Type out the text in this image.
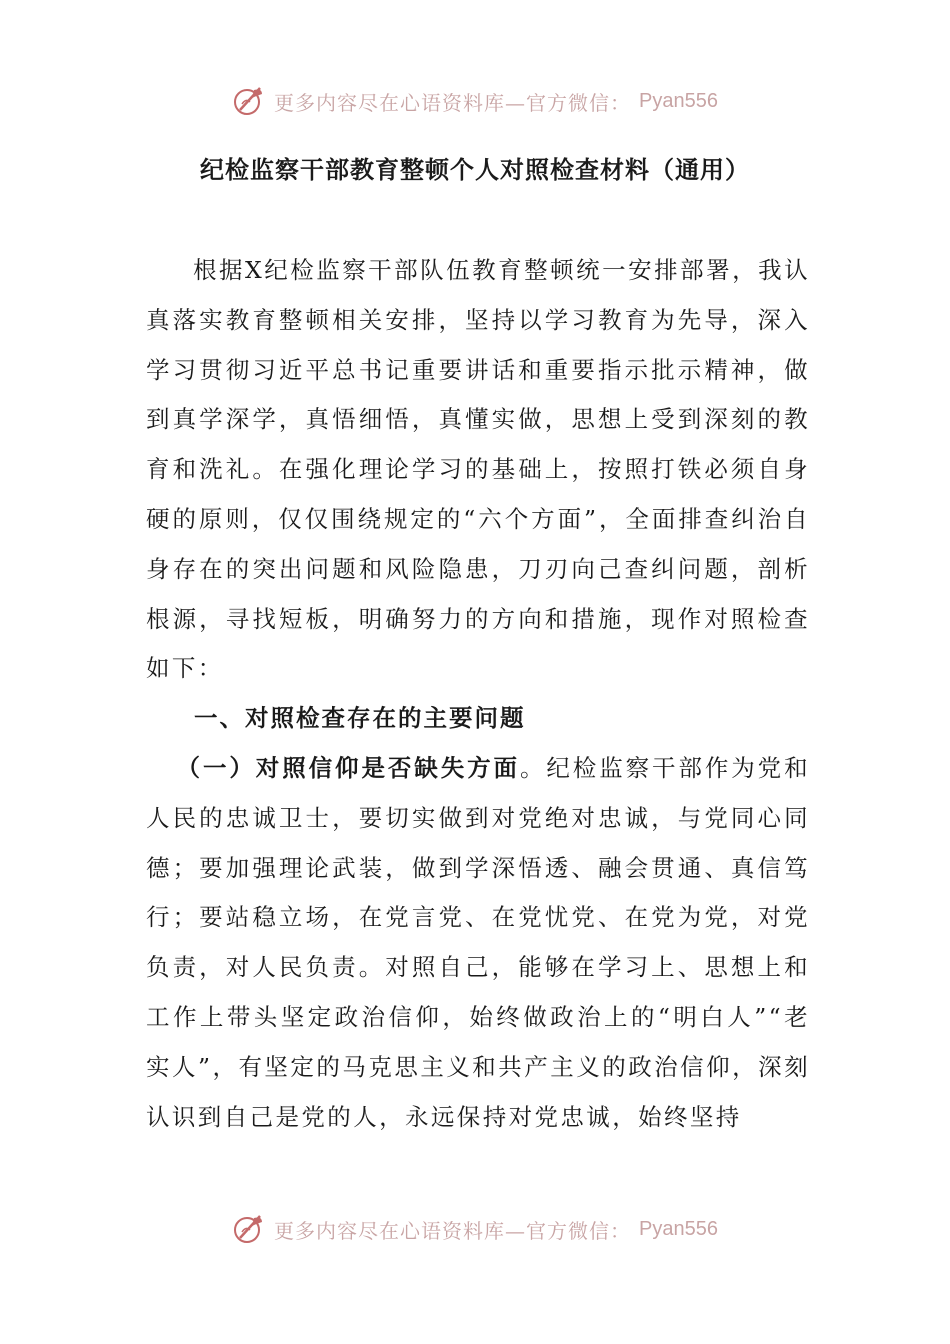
更多内容尽在心语资料库—官方微信： Pyan556
纪检监察干部教育整顿个人对照检查材料（通用）

根据X纪检监察干部队伍教育整顿统一安排部署，我认真落实教育整顿相关安排，坚持以学习教育为先导，深入学习贯彻习近平总书记重要讲话和重要指示批示精神，做到真学深学，真悟细悟，真懂实做，思想上受到深刻的教育和洗礼。在强化理论学习的基础上，按照打铁必须自身硬的原则，仅仅围绕规定的“六个方面”，全面排查纠治自身存在的突出问题和风险隐患，刀刃向己查纠问题，剖析根源，寻找短板，明确努力的方向和措施，现作对照检查如下：

一、对照检查存在的主要问题

（一）对照信仰是否缺失方面。纪检监察干部作为党和人民的忠诚卫士，要切实做到对党绝对忠诚，与党同心同德；要加强理论武装，做到学深悟透、融会贯通、真信笃行；要站稳立场，在党言党、在党忧党、在党为党，对党负责，对人民负责。对照自己，能够在学习上、思想上和工作上带头坚定政治信仰，始终做政治上的“明白人”“老实人”，有坚定的马克思主义和共产主义的政治信仰，深刻认识到自己是党的人，永远保持对党忠诚，始终坚持

更多内容尽在心语资料库—官方微信： Pyan556
